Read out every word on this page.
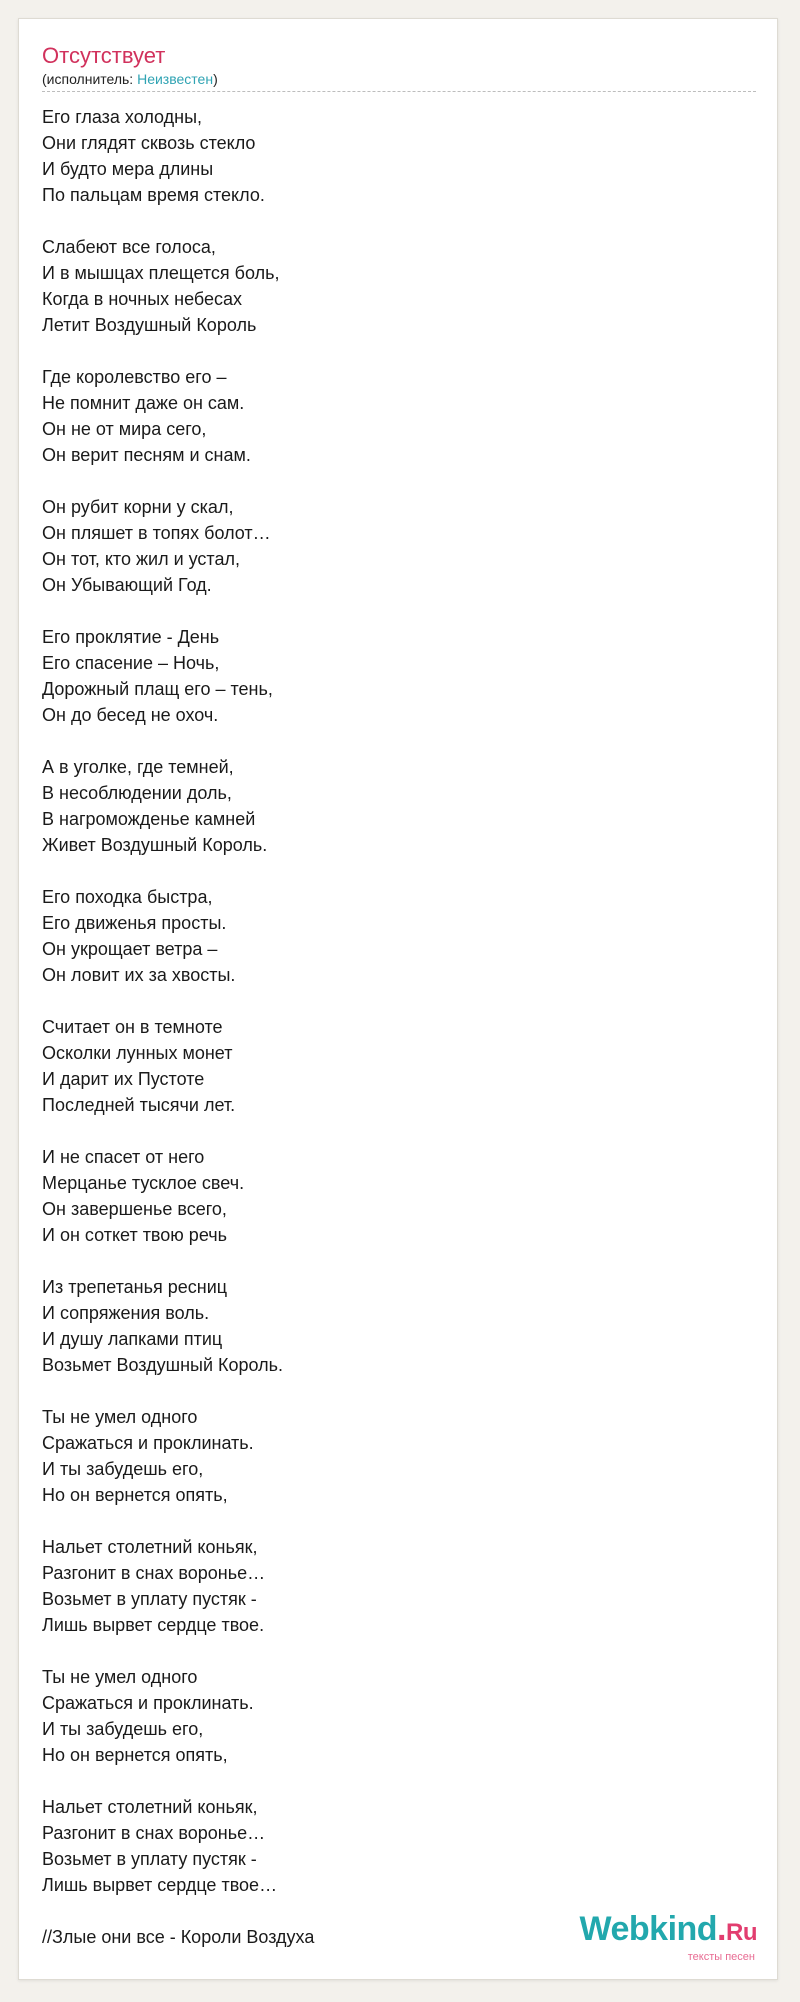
Отсутствует
(исполнитель: Неизвестен)
Его глаза холодны,
Они глядят сквозь стекло
И будто мера длины
По пальцам время стекло.
Слабеют все голоса,
И в мышцах плещется боль,
Когда в ночных небесах
Летит Воздушный Король
Где королевство его –
Не помнит даже он сам.
Он не от мира сего,
Он верит песням и снам.
Он рубит корни у скал,
Он пляшет в топях болот…
Он тот, кто жил и устал,
Он Убывающий Год.
Его проклятие - День
Его спасение – Ночь,
Дорожный плащ его – тень,
Он до бесед не охоч.
А в уголке, где темней,
В несоблюдении доль,
В нагроможденье камней
Живет Воздушный Король.
Его походка быстра,
Его движенья просты.
Он укрощает ветра –
Он ловит их за хвосты.
Считает он в темноте
Осколки лунных монет
И дарит их Пустоте
Последней тысячи лет.
И не спасет от него
Мерцанье тусклое свеч.
Он завершенье всего,
И он соткет твою речь
Из трепетанья ресниц
И сопряжения воль.
И душу лапками птиц
Возьмет Воздушный Король.
Ты не умел одного
Сражаться и проклинать.
И ты забудешь его,
Но он вернется опять,
Нальет столетний коньяк,
Разгонит в снах воронье…
Возьмет в уплату пустяк -
Лишь вырвет сердце твое.
Ты не умел одного
Сражаться и проклинать.
И ты забудешь его,
Но он вернется опять,
Нальет столетний коньяк,
Разгонит в снах воронье…
Возьмет в уплату пустяк -
Лишь вырвет сердце твое…
//Злые они все - Короли Воздуха	Webkind.Ru
тексты песен
